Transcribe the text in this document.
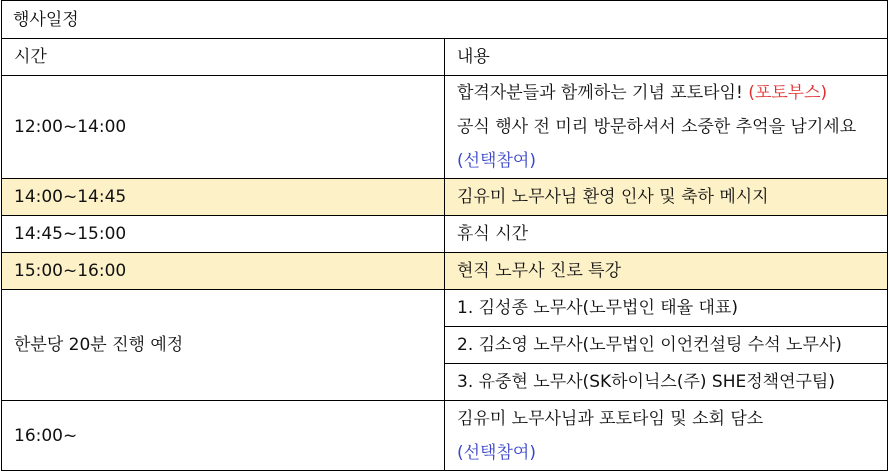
행사일정	
시간	내용
12:00~14:00	합격자분들과 함께하는 기념 포토타임! (포토부스)
공식 행사 전 미리 방문하셔서 소중한 추억을 남기세요
(선택참여)

14:00~14:45	김유미 노무사님 환영 인사 및 축하 메시지
14:45~15:00	휴식 시간
15:00~16:00	현직 노무사 진로 특강
한분당 20분 진행 예정	1. 김성종 노무사(노무법인 태율 대표)
	2. 김소영 노무사(노무법인 이언컨설팅 수석 노무사)
	3. 유중현 노무사(SK하이닉스(주) SHE정책연구팀)
16:00~	김유미 노무사님과 포토타임 및 소회 담소
(선택참여)
